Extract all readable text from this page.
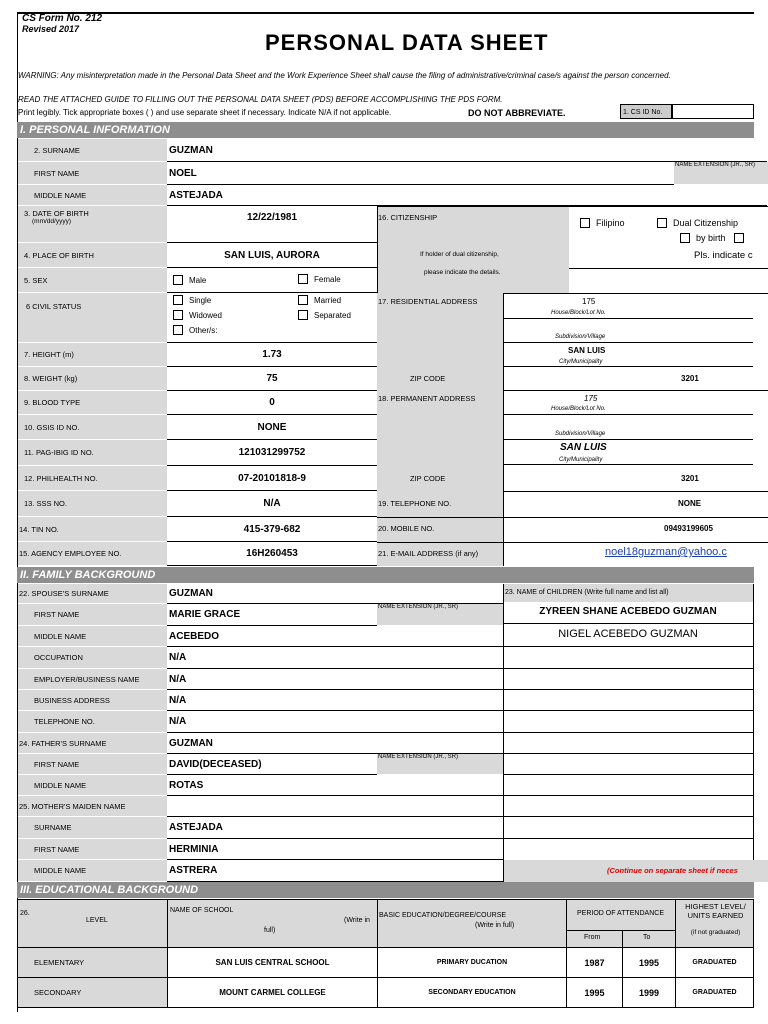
CS Form No. 212
Revised 2017
PERSONAL DATA SHEET
WARNING: Any misinterpretation made in the Personal Data Sheet and the Work Experience Sheet shall cause the filing of administrative/criminal case/s against the person concerned.
READ THE ATTACHED GUIDE TO FILLING OUT THE PERSONAL DATA SHEET (PDS) BEFORE ACCOMPLISHING THE PDS FORM.
Print legibly. Tick appropriate boxes ( ) and use separate sheet if necessary. Indicate N/A if not applicable.	DO NOT ABBREVIATE.	1. CS ID No.
I. PERSONAL INFORMATION
2. SURNAME	GUZMAN
FIRST NAME	NOEL
NAME EXTENSION (JR., SR)
MIDDLE NAME	ASTEJADA
3. DATE OF BIRTH
(mm/dd/yyyy)	12/22/1981
4. PLACE OF BIRTH	SAN LUIS, AURORA
5. SEX	Male	Female
6 CIVIL STATUS
Single	Married
Widowed	Separated
Other/s:
7. HEIGHT (m)	1.73
8. WEIGHT (kg)	75
9. BLOOD TYPE	0
10. GSIS ID NO.	NONE
11. PAG-IBIG ID NO.	121031299752
12. PHILHEALTH NO.	07-20101818-9
13. SSS NO.	N/A
14. TIN NO.	415-379-682
15. AGENCY EMPLOYEE NO.	16H260453
16. CITIZENSHIP
If holder of dual citizenship,
please indicate the details.
Filipino	Dual Citizenship
by birth
Pls. indicate c
17. RESIDENTIAL ADDRESS
ZIP CODE
175
House/Block/Lot No.
Subdivision/Village
SAN LUIS
City/Municipality
3201
18. PERMANENT ADDRESS
ZIP CODE
175
House/Block/Lot No.
Subdivision/Village
SAN LUIS
City/Municipality
3201
19. TELEPHONE NO.	NONE
20. MOBILE NO.	09493199605
21. E-MAIL ADDRESS (if any)	noel18guzman@yahoo.c
II. FAMILY BACKGROUND
22. SPOUSE'S SURNAME	GUZMAN
FIRST NAME	MARIE GRACE
NAME EXTENSION (JR., SR)
MIDDLE NAME	ACEBEDO
OCCUPATION	N/A
EMPLOYER/BUSINESS NAME	N/A
BUSINESS ADDRESS	N/A
TELEPHONE NO.	N/A
24. FATHER'S SURNAME	GUZMAN
FIRST NAME	DAVID(DECEASED)
NAME EXTENSION (JR., SR)
MIDDLE NAME	ROTAS
25. MOTHER'S MAIDEN NAME
SURNAME	ASTEJADA
FIRST NAME	HERMINIA
MIDDLE NAME	ASTRERA
23. NAME of CHILDREN (Write full name and list all)
ZYREEN SHANE ACEBEDO GUZMAN
NIGEL ACEBEDO GUZMAN
(Continue on separate sheet if neces
III. EDUCATIONAL BACKGROUND
26.
LEVEL
NAME OF SCHOOL
(Write in
full)
BASIC EDUCATION/DEGREE/COURSE
(Write in full)
PERIOD OF ATTENDANCE
From	To
HIGHEST LEVEL/ UNITS EARNED
(if not graduated)
ELEMENTARY	SAN LUIS CENTRAL SCHOOL	PRIMARY DUCATION	1987	1995	GRADUATED
SECONDARY	MOUNT CARMEL COLLEGE	SECONDARY EDUCATION	1995	1999	GRADUATED
